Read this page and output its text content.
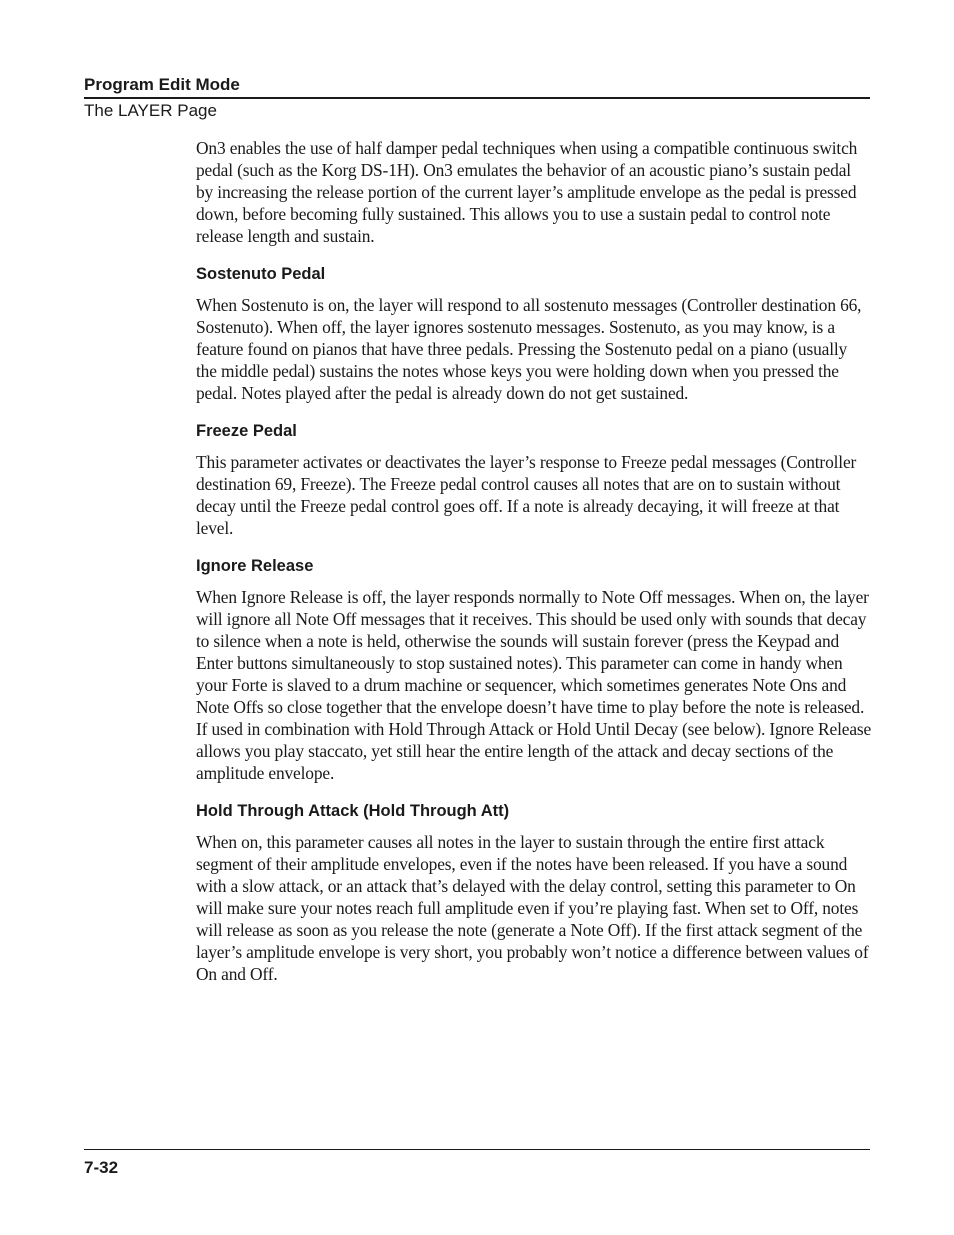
Program Edit Mode
The LAYER Page

On3 enables the use of half damper pedal techniques when using a compatible continuous switch pedal (such as the Korg DS-1H). On3 emulates the behavior of an acoustic piano’s sustain pedal by increasing the release portion of the current layer’s amplitude envelope as the pedal is pressed down, before becoming fully sustained. This allows you to use a sustain pedal to control note release length and sustain.

Sostenuto Pedal

When Sostenuto is on, the layer will respond to all sostenuto messages (Controller destination 66, Sostenuto). When off, the layer ignores sostenuto messages. Sostenuto, as you may know, is a feature found on pianos that have three pedals. Pressing the Sostenuto pedal on a piano (usually the middle pedal) sustains the notes whose keys you were holding down when you pressed the pedal. Notes played after the pedal is already down do not get sustained.

Freeze Pedal

This parameter activates or deactivates the layer’s response to Freeze pedal messages (Controller destination 69, Freeze). The Freeze pedal control causes all notes that are on to sustain without decay until the Freeze pedal control goes off. If a note is already decaying, it will freeze at that level.

Ignore Release

When Ignore Release is off, the layer responds normally to Note Off messages. When on, the layer will ignore all Note Off messages that it receives. This should be used only with sounds that decay to silence when a note is held, otherwise the sounds will sustain forever (press the Keypad and Enter buttons simultaneously to stop sustained notes). This parameter can come in handy when your Forte is slaved to a drum machine or sequencer, which sometimes generates Note Ons and Note Offs so close together that the envelope doesn’t have time to play before the note is released. If used in combination with Hold Through Attack or Hold Until Decay (see below). Ignore Release allows you play staccato, yet still hear the entire length of the attack and decay sections of the amplitude envelope.

Hold Through Attack (Hold Through Att)

When on, this parameter causes all notes in the layer to sustain through the entire first attack segment of their amplitude envelopes, even if the notes have been released. If you have a sound with a slow attack, or an attack that’s delayed with the delay control, setting this parameter to On will make sure your notes reach full amplitude even if you’re playing fast. When set to Off, notes will release as soon as you release the note (generate a Note Off). If the first attack segment of the layer’s amplitude envelope is very short, you probably won’t notice a difference between values of On and Off.

7-32
